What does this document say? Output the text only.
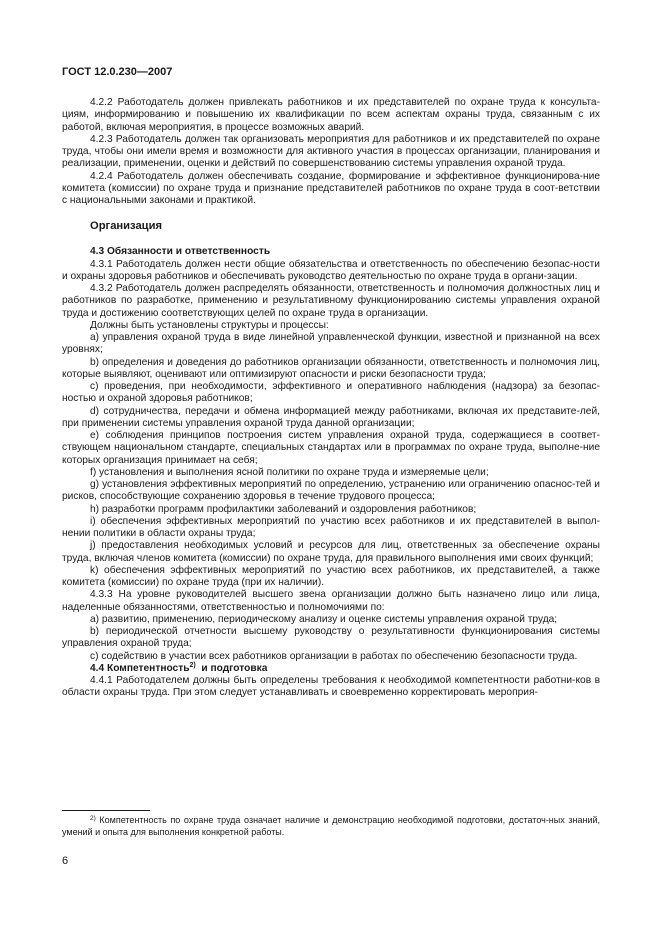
ГОСТ 12.0.230—2007

4.2.2 Работодатель должен привлекать работников и их представителей по охране труда к консульта-циям, информированию и повышению их квалификации по всем аспектам охраны труда, связанным с их работой, включая мероприятия, в процессе возможных аварий.

4.2.3 Работодатель должен так организовать мероприятия для работников и их представителей по охране труда, чтобы они имели время и возможности для активного участия в процессах организации, планирования и реализации, применении, оценки и действий по совершенствованию системы управления охраной труда.

4.2.4 Работодатель должен обеспечивать создание, формирование и эффективное функционирова-ние комитета (комиссии) по охране труда и признание представителей работников по охране труда в соот-ветствии с национальными законами и практикой.

Организация
4.3 Обязанности и ответственность

4.3.1 Работодатель должен нести общие обязательства и ответственность по обеспечению безопас-ности и охраны здоровья работников и обеспечивать руководство деятельностью по охране труда в органи-зации.

4.3.2 Работодатель должен распределять обязанности, ответственность и полномочия должностных лиц и работников по разработке, применению и результативному функционированию системы управления охраной труда и достижению соответствующих целей по охране труда в организации.

Должны быть установлены структуры и процессы:

a) управления охраной труда в виде линейной управленческой функции, известной и признанной на всех уровнях;

b) определения и доведения до работников организации обязанности, ответственность и полномочия лиц, которые выявляют, оценивают или оптимизируют опасности и риски безопасности труда;

c) проведения, при необходимости, эффективного и оперативного наблюдения (надзора) за безопас-ностью и охраной здоровья работников;

d) сотрудничества, передачи и обмена информацией между работниками, включая их представите-лей, при применении системы управления охраной труда данной организации;

e) соблюдения принципов построения систем управления охраной труда, содержащиеся в соответ-ствующем национальном стандарте, специальных стандартах или в программах по охране труда, выполне-ние которых организация принимает на себя;

f) установления и выполнения ясной политики по охране труда и измеряемые цели;

g) установления эффективных мероприятий по определению, устранению или ограничению опаснос-тей и рисков, способствующие сохранению здоровья в течение трудового процесса;

h) разработки программ профилактики заболеваний и оздоровления работников;

i) обеспечения эффективных мероприятий по участию всех работников и их представителей в выпол-нении политики в области охраны труда;

j) предоставления необходимых условий и ресурсов для лиц, ответственных за обеспечение охраны труда, включая членов комитета (комиссии) по охране труда, для правильного выполнения ими своих функций;

k) обеспечения эффективных мероприятий по участию всех работников, их представителей, а также комитета (комиссии) по охране труда (при их наличии).

4.3.3 На уровне руководителей высшего звена организации должно быть назначено лицо или лица, наделенные обязанностями, ответственностью и полномочиями по:

a) развитию, применению, периодическому анализу и оценке системы управления охраной труда;

b) периодической отчетности высшему руководству о результативности функционирования системы управления охраной труда;

c) содействию в участии всех работников организации в работах по обеспечению безопасности труда.

4.4 Компетентность$^{2)}$  и подготовка

4.4.1 Работодателем должны быть определены требования к необходимой компетентности работни-ков в области охраны труда. При этом следует устанавливать и своевременно корректировать мероприя-

$^{2)}$ Компетентность по охране труда означает наличие и демонстрацию необходимой подготовки, достаточ-ных знаний, умений и опыта для выполнения конкретной работы.
6
